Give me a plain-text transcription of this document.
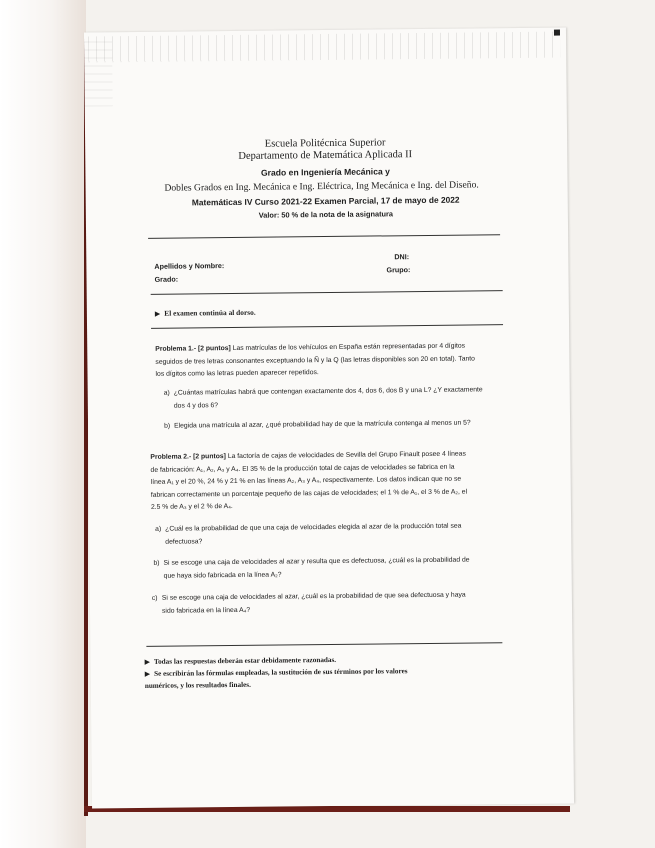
Escuela Politécnica Superior
Departamento de Matemática Aplicada II
Grado en Ingeniería Mecánica y
Dobles Grados en Ing. Mecánica e Ing. Eléctrica, Ing Mecánica e Ing. del Diseño.
Matemáticas IV Curso 2021-22 Examen Parcial, 17 de mayo de 2022
Valor: 50 % de la nota de la asignatura
Apellidos y Nombre:
DNI:
Grado:
Grupo:
▶ El examen continúa al dorso.
Problema 1.- [2 puntos] Las matrículas de los vehículos en España están representadas por 4 dígitos
seguidos de tres letras consonantes exceptuando la Ñ y la Q (las letras disponibles son 20 en total). Tanto
los dígitos como las letras pueden aparecer repetidos.
a) ¿Cuántas matrículas habrá que contengan exactamente dos 4, dos 6, dos B y una L? ¿Y exactamente
dos 4 y dos 6?
b) Elegida una matrícula al azar, ¿qué probabilidad hay de que la matrícula contenga al menos un 5?
Problema 2.- [2 puntos] La factoría de cajas de velocidades de Sevilla del Grupo Finault posee 4 líneas
de fabricación: A₁, A₂, A₃ y A₄. El 35 % de la producción total de cajas de velocidades se fabrica en la
línea A₁ y el 20 %, 24 % y 21 % en las líneas A₂, A₃ y A₄, respectivamente. Los datos indican que no se
fabrican correctamente un porcentaje pequeño de las cajas de velocidades; el 1 % de A₁, el 3 % de A₂, el
2.5 % de A₃ y el 2 % de A₄.
a) ¿Cuál es la probabilidad de que una caja de velocidades elegida al azar de la producción total sea
defectuosa?
b) Si se escoge una caja de velocidades al azar y resulta que es defectuosa, ¿cuál es la probabilidad de
que haya sido fabricada en la línea A₂?
c) Si se escoge una caja de velocidades al azar, ¿cuál es la probabilidad de que sea defectuosa y haya
sido fabricada en la línea A₄?
▶ Todas las respuestas deberán estar debidamente razonadas.
▶ Se escribirán las fórmulas empleadas, la sustitución de sus términos por los valores
numéricos, y los resultados finales.
